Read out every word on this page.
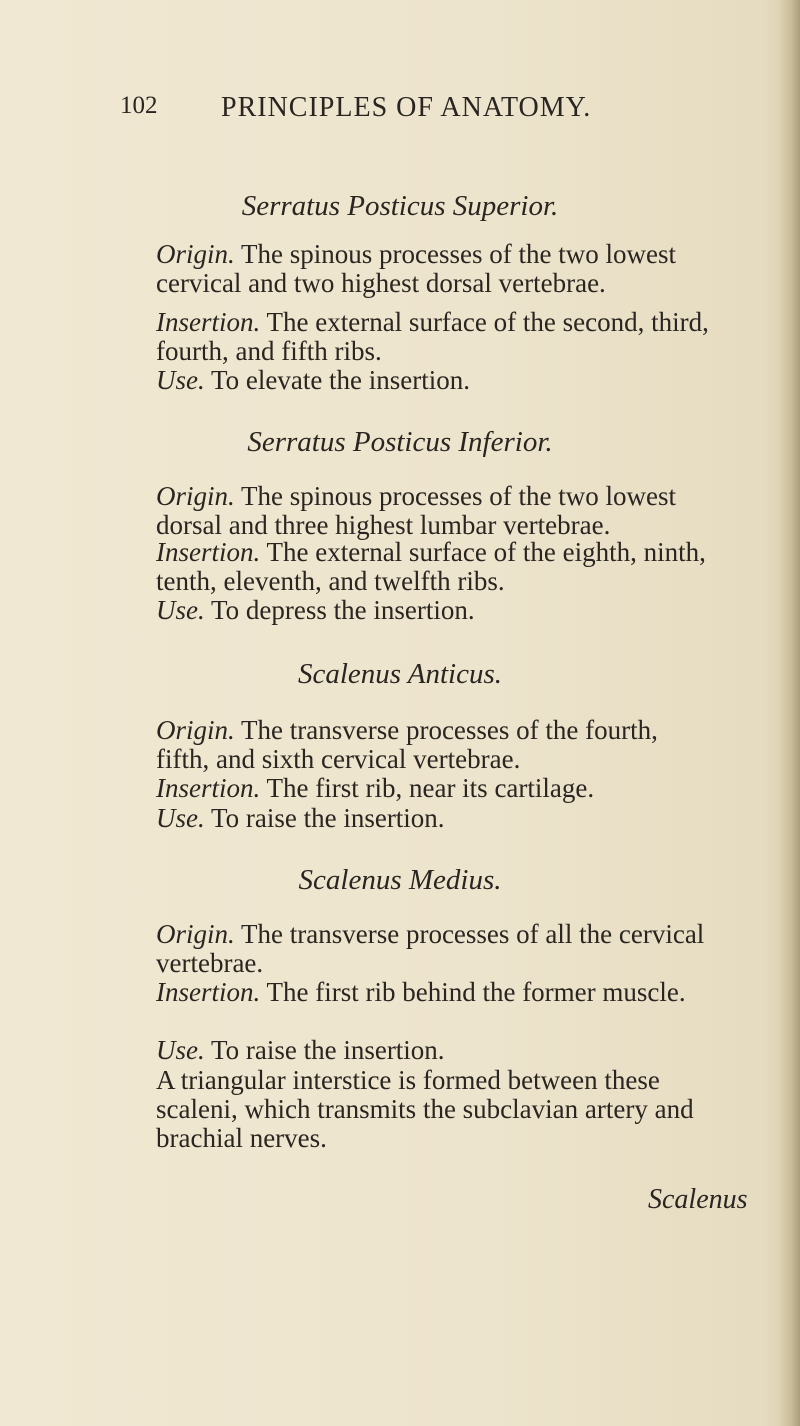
102 PRINCIPLES OF ANATOMY.
Serratus Posticus Superior.

Origin. The spinous processes of the two lowest cervical and two highest dorsal vertebrae.

Insertion. The external surface of the second, third, fourth, and fifth ribs.

Use. To elevate the insertion.

Serratus Posticus Inferior.

Origin. The spinous processes of the two lowest dorsal and three highest lumbar vertebrae.

Insertion. The external surface of the eighth, ninth, tenth, eleventh, and twelfth ribs.

Use. To depress the insertion.

Scalenus Anticus.

Origin. The transverse processes of the fourth, fifth, and sixth cervical vertebrae.

Insertion. The first rib, near its cartilage.

Use. To raise the insertion.

Scalenus Medius.

Origin. The transverse processes of all the cervical vertebrae.

Insertion. The first rib behind the former muscle.

Use. To raise the insertion.

A triangular interstice is formed between these scaleni, which transmits the subclavian artery and brachial nerves.

Scalenus
